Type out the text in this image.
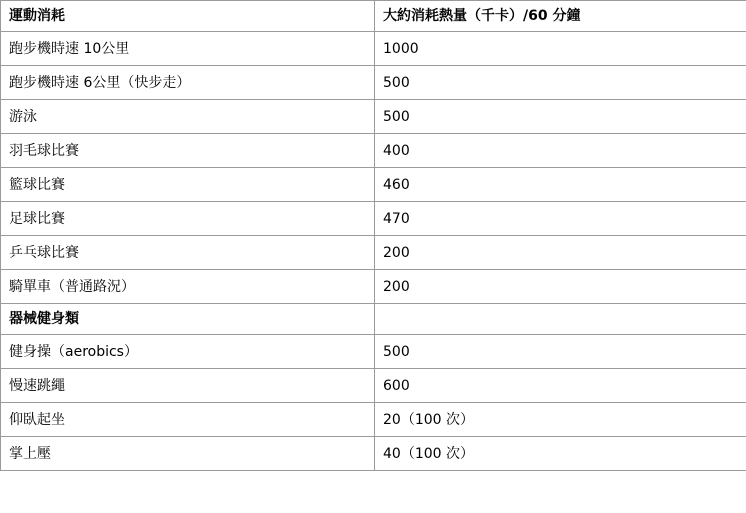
運動消耗	大約消耗熱量（千卡）/60 分鐘
跑步機時速 10公里	1000
跑步機時速 6公里（快步走）	500
游泳	500
羽毛球比賽	400
籃球比賽	460
足球比賽	470
乒乓球比賽	200
騎單車（普通路況）	200
器械健身類	
健身操（aerobics）	500
慢速跳繩	600
仰臥起坐	20（100 次）
掌上壓	40（100 次）
